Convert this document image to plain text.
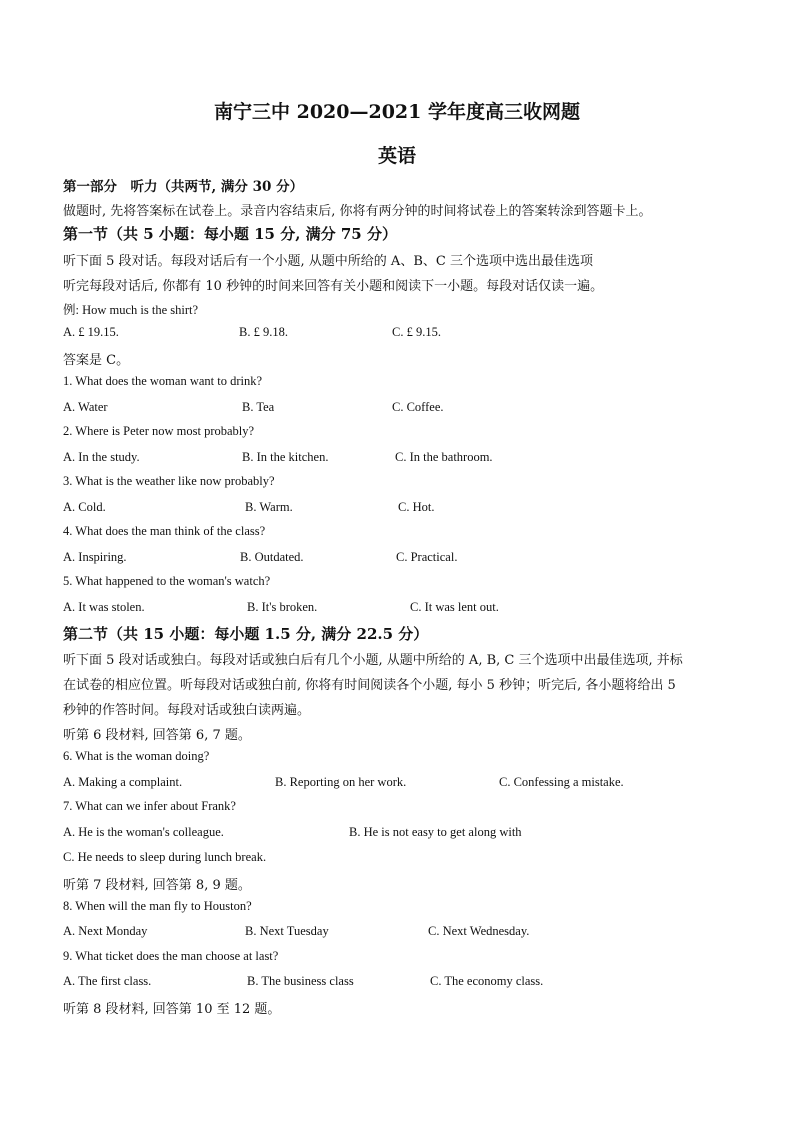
南宁三中 2020—2021 学年度高三收网题
英语
第一部分　听力（共两节, 满分 30 分）
做题时, 先将答案标在试卷上。录音内容结束后, 你将有两分钟的时间将试卷上的答案转涂到答题卡上。
第一节（共 5 小题：每小题 15 分, 满分 75 分）
听下面 5 段对话。每段对话后有一个小题, 从题中所给的 A、B、C 三个选项中选出最佳选项
听完每段对话后, 你都有 10 秒钟的时间来回答有关小题和阅读下一小题。每段对话仅读一遍。
例: How much is the shirt?
A. £ 19.15.	B. £ 9.18.	C. £ 9.15.
答案是 C。
1. What does the woman want to drink?
A. Water	B. Tea	C. Coffee.
2. Where is Peter now most probably?
A. In the study.	B. In the kitchen.	C. In the bathroom.
3. What is the weather like now probably?
A. Cold.	B. Warm.	C. Hot.
4. What does the man think of the class?
A. Inspiring.	B. Outdated.	C. Practical.
5. What happened to the woman's watch?
A. It was stolen.	B. It's broken.	C. It was lent out.
第二节（共 15 小题：每小题 1.5 分, 满分 22.5 分）
听下面 5 段对话或独白。每段对话或独白后有几个小题, 从题中所给的 A, B, C 三个选项中出最佳选项, 并标
在试卷的相应位置。听每段对话或独白前, 你将有时间阅读各个小题, 每小 5 秒钟；听完后, 各小题将给出 5
秒钟的作答时间。每段对话或独白读两遍。
听第 6 段材料, 回答第 6, 7 题。
6. What is the woman doing?
A. Making a complaint.	B. Reporting on her work.	C. Confessing a mistake.
7. What can we infer about Frank?
A. He is the woman's colleague.	B. He is not easy to get along with
C. He needs to sleep during lunch break.
听第 7 段材料, 回答第 8, 9 题。
8. When will the man fly to Houston?
A. Next Monday	B. Next Tuesday	C. Next Wednesday.
9. What ticket does the man choose at last?
A. The first class.	B. The business class	C. The economy class.
听第 8 段材料, 回答第 10 至 12 题。
